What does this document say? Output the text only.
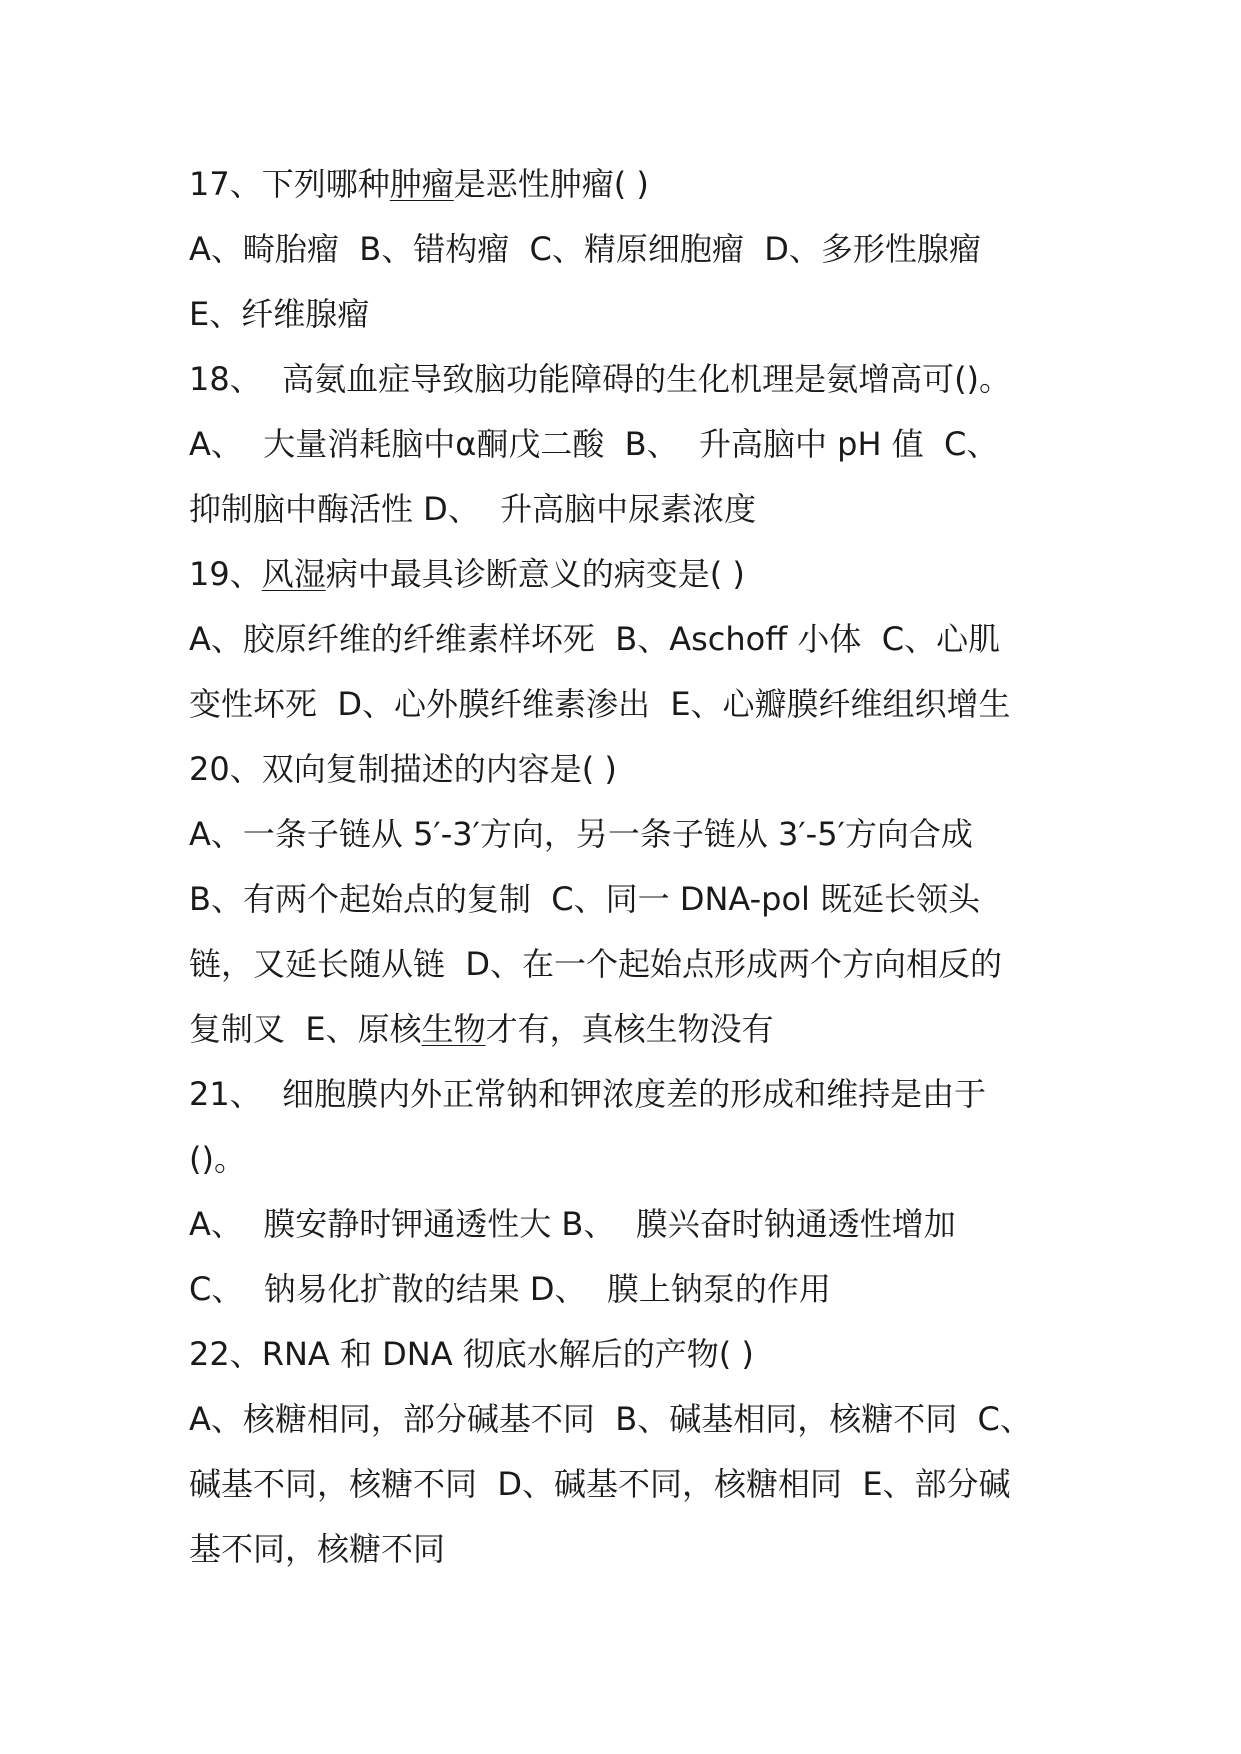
17、下列哪种肿瘤是恶性肿瘤( )
A、畸胎瘤  B、错构瘤  C、精原细胞瘤  D、多形性腺瘤
E、纤维腺瘤
18、  高氨血症导致脑功能障碍的生化机理是氨增高可()。
A、  大量消耗脑中α酮戊二酸  B、  升高脑中 pH 值  C、
抑制脑中酶活性 D、  升高脑中尿素浓度
19、风湿病中最具诊断意义的病变是( )
A、胶原纤维的纤维素样坏死  B、Aschoff 小体  C、心肌
变性坏死  D、心外膜纤维素渗出  E、心瓣膜纤维组织增生
20、双向复制描述的内容是( )
A、一条子链从 5′-3′方向，另一条子链从 3′-5′方向合成
B、有两个起始点的复制  C、同一 DNA-pol 既延长领头
链，又延长随从链  D、在一个起始点形成两个方向相反的
复制叉  E、原核生物才有，真核生物没有
21、  细胞膜内外正常钠和钾浓度差的形成和维持是由于
()。
A、  膜安静时钾通透性大 B、  膜兴奋时钠通透性增加
C、  钠易化扩散的结果 D、  膜上钠泵的作用
22、RNA 和 DNA 彻底水解后的产物( )
A、核糖相同，部分碱基不同  B、碱基相同，核糖不同  C、
碱基不同，核糖不同  D、碱基不同，核糖相同  E、部分碱
基不同，核糖不同
